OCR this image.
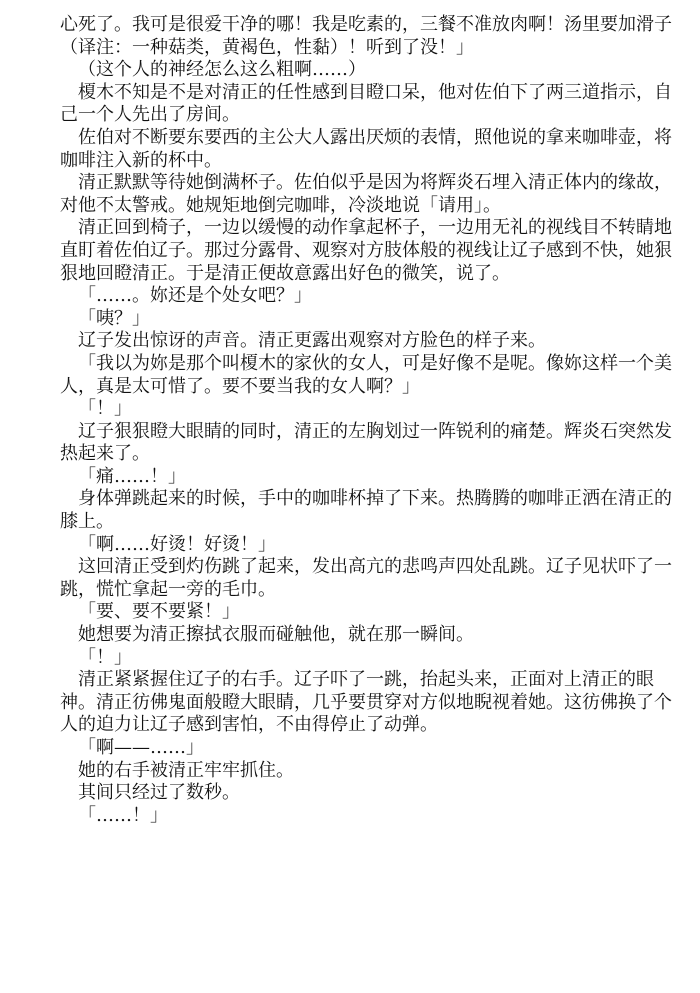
心死了。我可是很爱干净的哪！我是吃素的，三餐不准放肉啊！汤里要加滑子（译注：一种菇类，黄褐色，性黏）！听到了没！」

（这个人的神经怎么这么粗啊……）

榎木不知是不是对清正的任性感到目瞪口呆，他对佐伯下了两三道指示，自己一个人先出了房间。

佐伯对不断要东要西的主公大人露出厌烦的表情，照他说的拿来咖啡壶，将咖啡注入新的杯中。

清正默默等待她倒满杯子。佐伯似乎是因为将辉炎石埋入清正体内的缘故，对他不太警戒。她规矩地倒完咖啡，冷淡地说「请用」。

清正回到椅子，一边以缓慢的动作拿起杯子，一边用无礼的视线目不转睛地直盯着佐伯辽子。那过分露骨、观察对方肢体般的视线让辽子感到不快，她狠狠地回瞪清正。于是清正便故意露出好色的微笑，说了。

「……。妳还是个处女吧？」

「咦？」

辽子发出惊讶的声音。清正更露出观察对方脸色的样子来。

「我以为妳是那个叫榎木的家伙的女人，可是好像不是呢。像妳这样一个美人，真是太可惜了。要不要当我的女人啊？」

「！」

辽子狠狠瞪大眼睛的同时，清正的左胸划过一阵锐利的痛楚。辉炎石突然发热起来了。

「痛……！」

身体弹跳起来的时候，手中的咖啡杯掉了下来。热腾腾的咖啡正洒在清正的膝上。

「啊……好烫！好烫！」

这回清正受到灼伤跳了起来，发出高亢的悲鸣声四处乱跳。辽子见状吓了一跳，慌忙拿起一旁的毛巾。

「要、要不要紧！」

她想要为清正擦拭衣服而碰触他，就在那一瞬间。

「！」

清正紧紧握住辽子的右手。辽子吓了一跳，抬起头来，正面对上清正的眼神。清正彷佛鬼面般瞪大眼睛，几乎要贯穿对方似地睨视着她。这彷佛换了个人的迫力让辽子感到害怕，不由得停止了动弹。

「啊——……」

她的右手被清正牢牢抓住。

其间只经过了数秒。

「……！」
